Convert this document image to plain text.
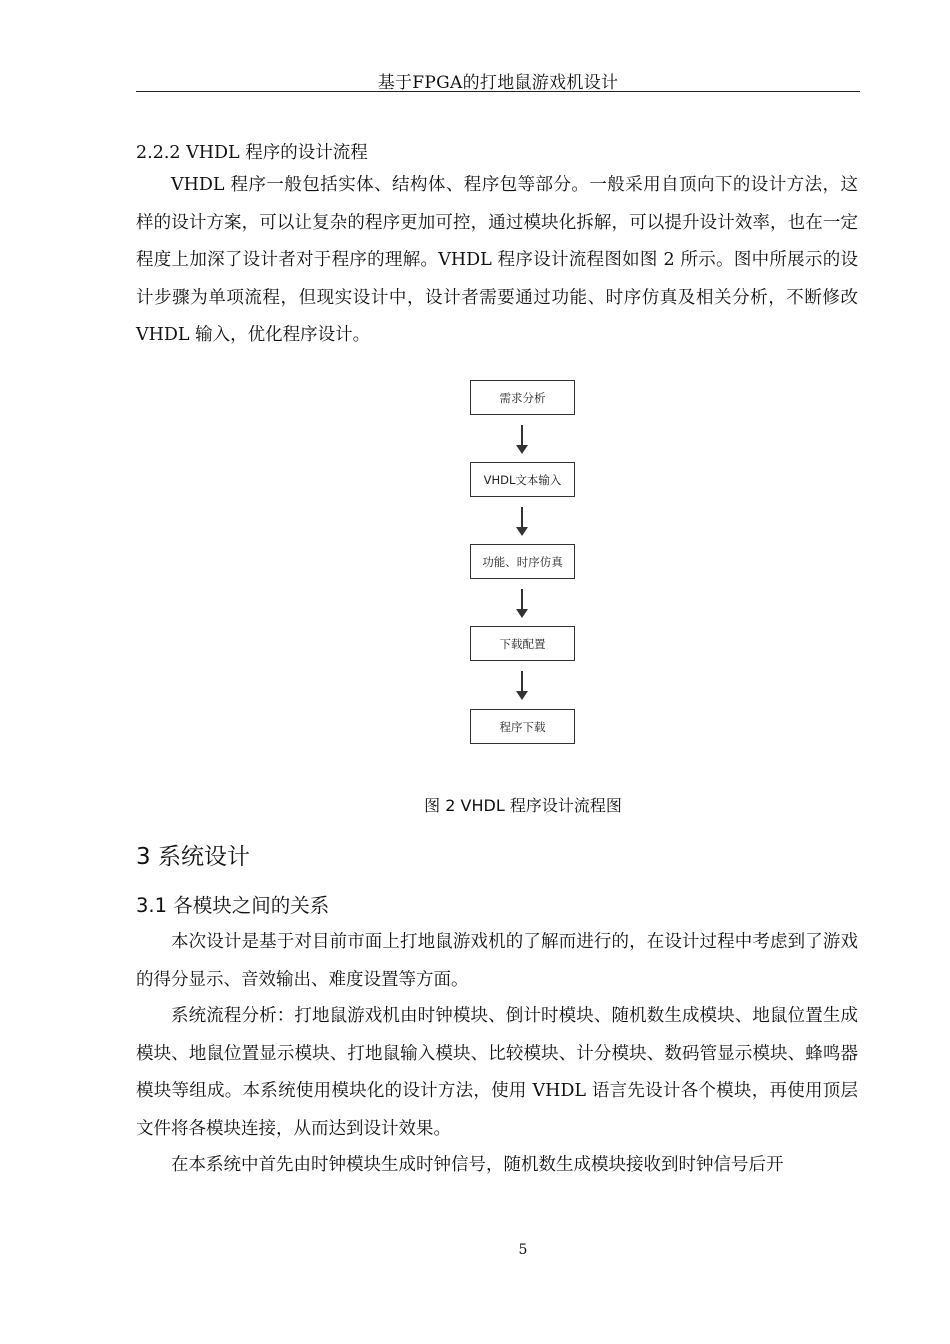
基于FPGA的打地鼠游戏机设计
2.2.2 VHDL 程序的设计流程

VHDL 程序一般包括实体、结构体、程序包等部分。一般采用自顶向下的设计方法，这样的设计方案，可以让复杂的程序更加可控，通过模块化拆解，可以提升设计效率，也在一定程度上加深了设计者对于程序的理解。VHDL 程序设计流程图如图 2 所示。图中所展示的设计步骤为单项流程，但现实设计中，设计者需要通过功能、时序仿真及相关分析，不断修改 VHDL 输入，优化程序设计。

需求分析
VHDL文本输入
功能、时序仿真
下载配置
程序下载
图 2 VHDL 程序设计流程图
3 系统设计
3.1 各模块之间的关系

本次设计是基于对目前市面上打地鼠游戏机的了解而进行的，在设计过程中考虑到了游戏的得分显示、音效输出、难度设置等方面。

系统流程分析：打地鼠游戏机由时钟模块、倒计时模块、随机数生成模块、地鼠位置生成模块、地鼠位置显示模块、打地鼠输入模块、比较模块、计分模块、数码管显示模块、蜂鸣器模块等组成。本系统使用模块化的设计方法，使用 VHDL 语言先设计各个模块，再使用顶层文件将各模块连接，从而达到设计效果。

在本系统中首先由时钟模块生成时钟信号，随机数生成模块接收到时钟信号后开

5
